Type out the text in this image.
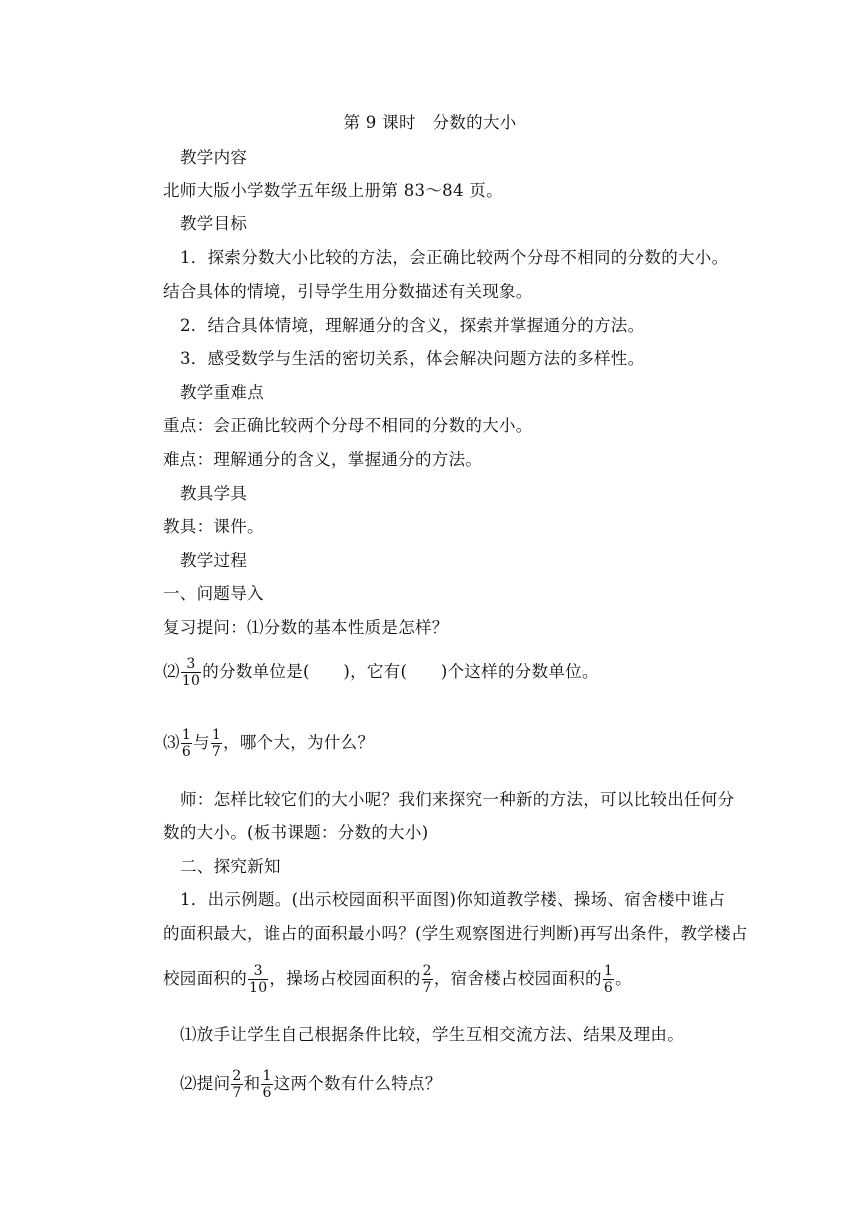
第 9 课时　分数的大小
教学内容
北师大版小学数学五年级上册第 83～84 页。
教学目标
1．探索分数大小比较的方法，会正确比较两个分母不相同的分数的大小。
结合具体的情境，引导学生用分数描述有关现象。
2．结合具体情境，理解通分的含义，探索并掌握通分的方法。
3．感受数学与生活的密切关系，体会解决问题方法的多样性。
教学重难点
重点：会正确比较两个分母不相同的分数的大小。
难点：理解通分的含义，掌握通分的方法。
教具学具
教具：课件。
教学过程
一、问题导入
复习提问：⑴分数的基本性质是怎样？
⑵ $\frac{3}{10}$ 的分数单位是(　　)，它有(　　)个这样的分数单位。
⑶ $\frac{1}{6}$ 与 $\frac{1}{7}$ ，哪个大，为什么？
师：怎样比较它们的大小呢？我们来探究一种新的方法，可以比较出任何分
数的大小。(板书课题：分数的大小)
二、探究新知
1．出示例题。(出示校园面积平面图)你知道教学楼、操场、宿舍楼中谁占
的面积最大，谁占的面积最小吗？(学生观察图进行判断)再写出条件，教学楼占
校园面积的 $\frac{3}{10}$ ，操场占校园面积的 $\frac{2}{7}$ ，宿舍楼占校园面积的 $\frac{1}{6}$ 。
⑴放手让学生自己根据条件比较，学生互相交流方法、结果及理由。
⑵提问 $\frac{2}{7}$ 和 $\frac{1}{6}$ 这两个数有什么特点？
